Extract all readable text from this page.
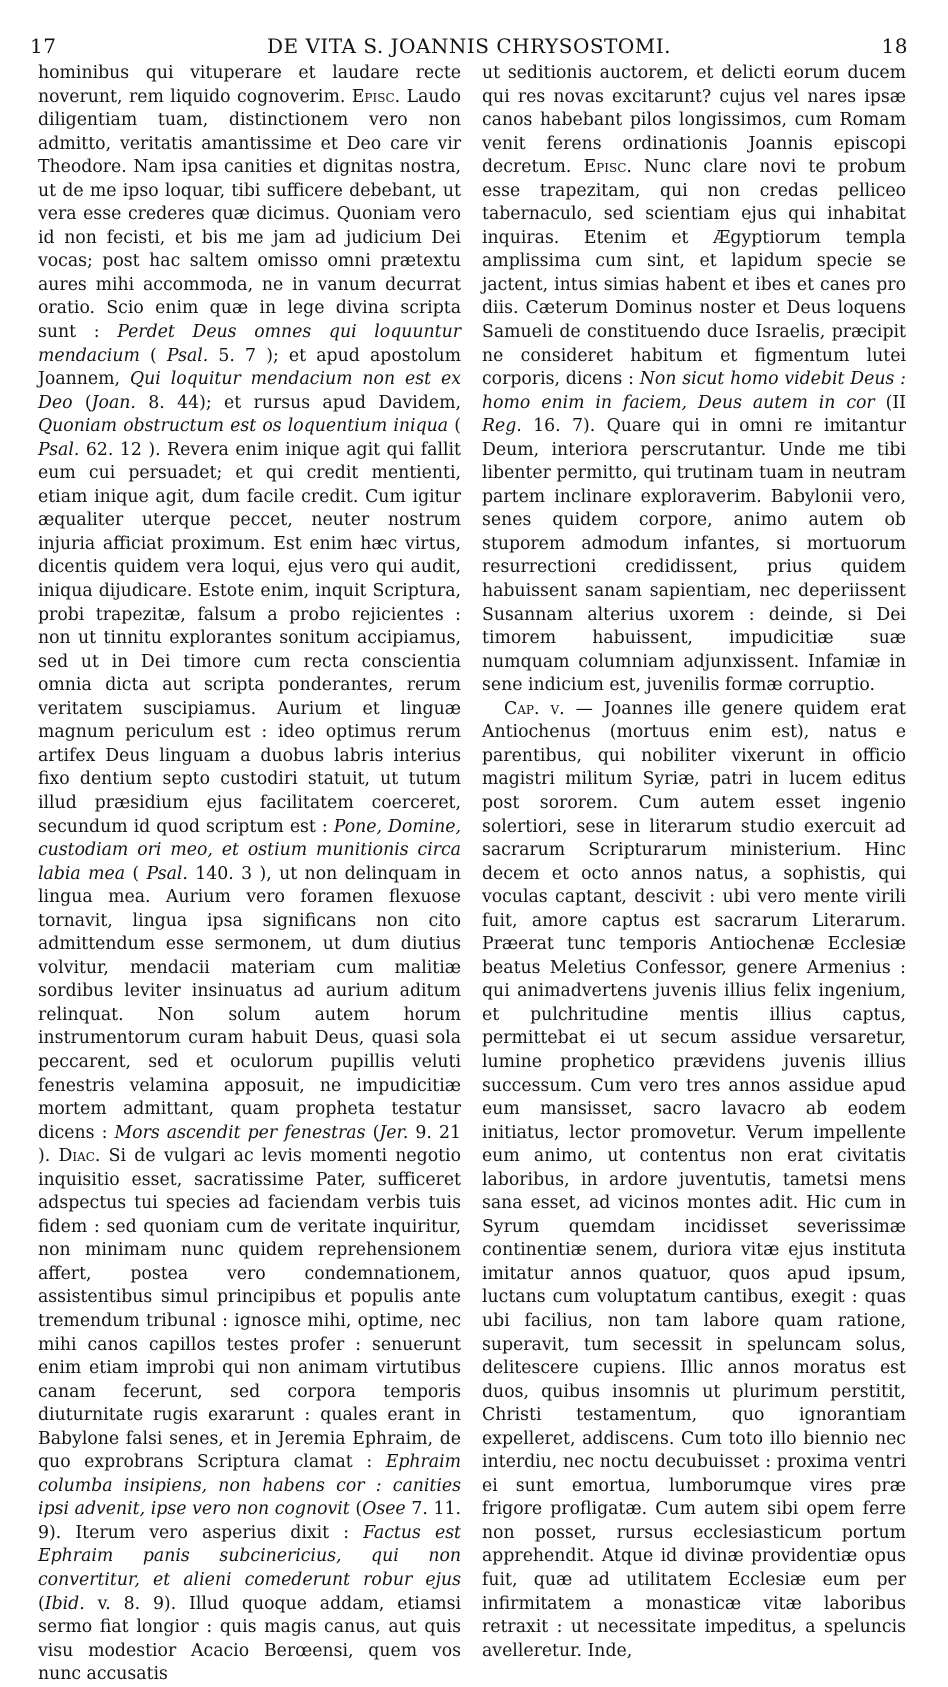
17	DE VITA S. JOANNIS CHRYSOSTOMI.	18

hominibus qui vituperare et laudare recte noverunt, rem liquido cognoverim. Episc. Laudo diligentiam tuam, distinctionem vero non admitto, veritatis amantissime et Deo care vir Theodore. Nam ipsa canities et dignitas nostra, ut de me ipso loquar, tibi sufficere debebant, ut vera esse crederes quæ dicimus. Quoniam vero id non fecisti, et bis me jam ad judicium Dei vocas; post hac saltem omisso omni prætextu aures mihi accommoda, ne in vanum decurrat oratio. Scio enim quæ in lege divina scripta sunt : Perdet Deus omnes qui loquuntur mendacium ( Psal. 5. 7 ); et apud apostolum Joannem, Qui loquitur mendacium non est ex Deo (Joan. 8. 44); et rursus apud Davidem, Quoniam obstructum est os loquentium iniqua ( Psal. 62. 12 ). Revera enim inique agit qui fallit eum cui persuadet; et qui credit mentienti, etiam inique agit, dum facile credit. Cum igitur æqualiter uterque peccet, neuter nostrum injuria afficiat proximum. Est enim hæc virtus, dicentis quidem vera loqui, ejus vero qui audit, iniqua dijudicare. Estote enim, inquit Scriptura, probi trapezitæ, falsum a probo rejicientes : non ut tinnitu explorantes sonitum accipiamus, sed ut in Dei timore cum recta conscientia omnia dicta aut scripta ponderantes, rerum veritatem suscipiamus. Aurium et linguæ magnum periculum est : ideo optimus rerum artifex Deus linguam a duobus labris interius fixo dentium septo custodiri statuit, ut tutum illud præsidium ejus facilitatem coerceret, secundum id quod scriptum est : Pone, Domine, custodiam ori meo, et ostium munitionis circa labia mea ( Psal. 140. 3 ), ut non delinquam in lingua mea. Aurium vero foramen flexuose tornavit, lingua ipsa significans non cito admittendum esse sermonem, ut dum diutius volvitur, mendacii materiam cum malitiæ sordibus leviter insinuatus ad aurium aditum relinquat. Non solum autem horum instrumentorum curam habuit Deus, quasi sola peccarent, sed et oculorum pupillis veluti fenestris velamina apposuit, ne impudicitiæ mortem admittant, quam propheta testatur dicens : Mors ascendit per fenestras (Jer. 9. 21 ). Diac. Si de vulgari ac levis momenti negotio inquisitio esset, sacratissime Pater, sufficeret adspectus tui species ad faciendam verbis tuis fidem : sed quoniam cum de veritate inquiritur, non minimam nunc quidem reprehensionem affert, postea vero condemnationem, assistentibus simul principibus et populis ante tremendum tribunal : ignosce mihi, optime, nec mihi canos capillos testes profer : senuerunt enim etiam improbi qui non animam virtutibus canam fecerunt, sed corpora temporis diuturnitate rugis exararunt : quales erant in Babylone falsi senes, et in Jeremia Ephraim, de quo exprobrans Scriptura clamat : Ephraim columba insipiens, non habens cor : canities ipsi advenit, ipse vero non cognovit (Osee 7. 11. 9). Iterum vero asperius dixit : Factus est Ephraim panis subcinericius, qui non convertitur, et alieni comederunt robur ejus (Ibid. v. 8. 9). Illud quoque addam, etiamsi sermo fiat longior : quis magis canus, aut quis visu modestior Acacio Berœensi, quem vos nunc accusatis

ut seditionis auctorem, et delicti eorum ducem qui res novas excitarunt? cujus vel nares ipsæ canos habebant pilos longissimos, cum Romam venit ferens ordinationis Joannis episcopi decretum. Episc. Nunc clare novi te probum esse trapezitam, qui non credas pelliceo tabernaculo, sed scientiam ejus qui inhabitat inquiras. Etenim et Ægyptiorum templa amplissima cum sint, et lapidum specie se jactent, intus simias habent et ibes et canes pro diis. Cæterum Dominus noster et Deus loquens Samueli de constituendo duce Israelis, præcipit ne consideret habitum et figmentum lutei corporis, dicens : Non sicut homo videbit Deus : homo enim in faciem, Deus autem in cor (II Reg. 16. 7). Quare qui in omni re imitantur Deum, interiora perscrutantur. Unde me tibi libenter permitto, qui trutinam tuam in neutram partem inclinare exploraverim. Babylonii vero, senes quidem corpore, animo autem ob stuporem admodum infantes, si mortuorum resurrectioni credidissent, prius quidem habuissent sanam sapientiam, nec deperiissent Susannam alterius uxorem : deinde, si Dei timorem habuissent, impudicitiæ suæ numquam columniam adjunxissent. Infamiæ in sene indicium est, juvenilis formæ corruptio.

Cap. v. — Joannes ille genere quidem erat Antiochenus (mortuus enim est), natus e parentibus, qui nobiliter vixerunt in officio magistri militum Syriæ, patri in lucem editus post sororem. Cum autem esset ingenio solertiori, sese in literarum studio exercuit ad sacrarum Scripturarum ministerium. Hinc decem et octo annos natus, a sophistis, qui voculas captant, descivit : ubi vero mente virili fuit, amore captus est sacrarum Literarum. Præerat tunc temporis Antiochenæ Ecclesiæ beatus Meletius Confessor, genere Armenius : qui animadvertens juvenis illius felix ingenium, et pulchritudine mentis illius captus, permittebat ei ut secum assidue versaretur, lumine prophetico prævidens juvenis illius successum. Cum vero tres annos assidue apud eum mansisset, sacro lavacro ab eodem initiatus, lector promovetur. Verum impellente eum animo, ut contentus non erat civitatis laboribus, in ardore juventutis, tametsi mens sana esset, ad vicinos montes adit. Hic cum in Syrum quemdam incidisset severissimæ continentiæ senem, duriora vitæ ejus instituta imitatur annos quatuor, quos apud ipsum, luctans cum voluptatum cantibus, exegit : quas ubi facilius, non tam labore quam ratione, superavit, tum secessit in speluncam solus, delitescere cupiens. Illic annos moratus est duos, quibus insomnis ut plurimum perstitit, Christi testamentum, quo ignorantiam expelleret, addiscens. Cum toto illo biennio nec interdiu, nec noctu decubuisset : proxima ventri ei sunt emortua, lumborumque vires præ frigore profligatæ. Cum autem sibi opem ferre non posset, rursus ecclesiasticum portum apprehendit. Atque id divinæ providentiæ opus fuit, quæ ad utilitatem Ecclesiæ eum per infirmitatem a monasticæ vitæ laboribus retraxit : ut necessitate impeditus, a speluncis avelleretur. Inde,
